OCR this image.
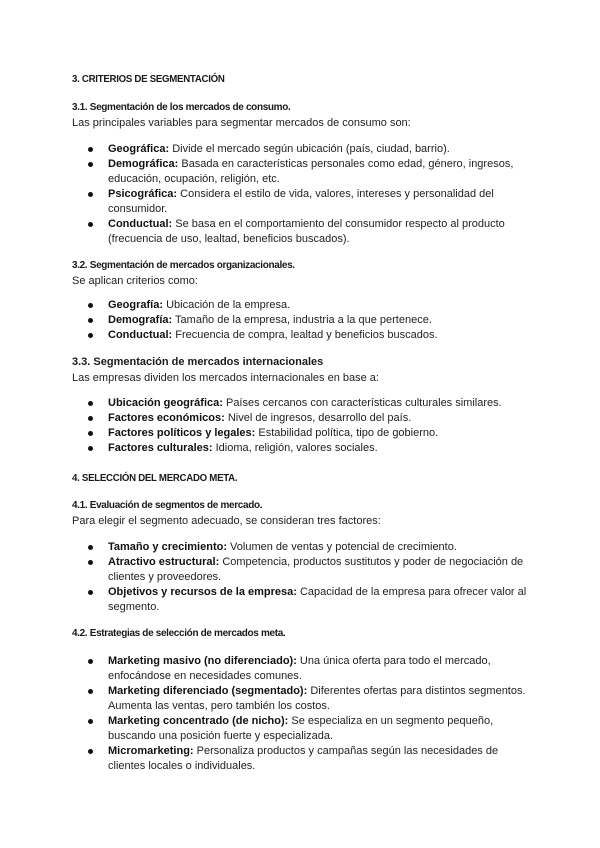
3. CRITERIOS DE SEGMENTACIÓN
3.1. Segmentación de los mercados de consumo.
Las principales variables para segmentar mercados de consumo son:
Geográfica: Divide el mercado según ubicación (país, ciudad, barrio).
Demográfica: Basada en características personales como edad, género, ingresos, educación, ocupación, religión, etc.
Psicográfica: Considera el estilo de vida, valores, intereses y personalidad del consumidor.
Conductual: Se basa en el comportamiento del consumidor respecto al producto (frecuencia de uso, lealtad, beneficios buscados).
3.2. Segmentación de mercados organizacionales.
Se aplican criterios como:
Geografía: Ubicación de la empresa.
Demografía: Tamaño de la empresa, industria a la que pertenece.
Conductual: Frecuencia de compra, lealtad y beneficios buscados.
3.3. Segmentación de mercados internacionales
Las empresas dividen los mercados internacionales en base a:
Ubicación geográfica: Países cercanos con características culturales similares.
Factores económicos: Nivel de ingresos, desarrollo del país.
Factores políticos y legales: Estabilidad política, tipo de gobierno.
Factores culturales: Idioma, religión, valores sociales.
4. SELECCIÓN DEL MERCADO META.
4.1. Evaluación de segmentos de mercado.
Para elegir el segmento adecuado, se consideran tres factores:
Tamaño y crecimiento: Volumen de ventas y potencial de crecimiento.
Atractivo estructural: Competencia, productos sustitutos y poder de negociación de clientes y proveedores.
Objetivos y recursos de la empresa: Capacidad de la empresa para ofrecer valor al segmento.
4.2. Estrategias de selección de mercados meta.
Marketing masivo (no diferenciado): Una única oferta para todo el mercado, enfocándose en necesidades comunes.
Marketing diferenciado (segmentado): Diferentes ofertas para distintos segmentos. Aumenta las ventas, pero también los costos.
Marketing concentrado (de nicho): Se especializa en un segmento pequeño, buscando una posición fuerte y especializada.
Micromarketing: Personaliza productos y campañas según las necesidades de clientes locales o individuales.
